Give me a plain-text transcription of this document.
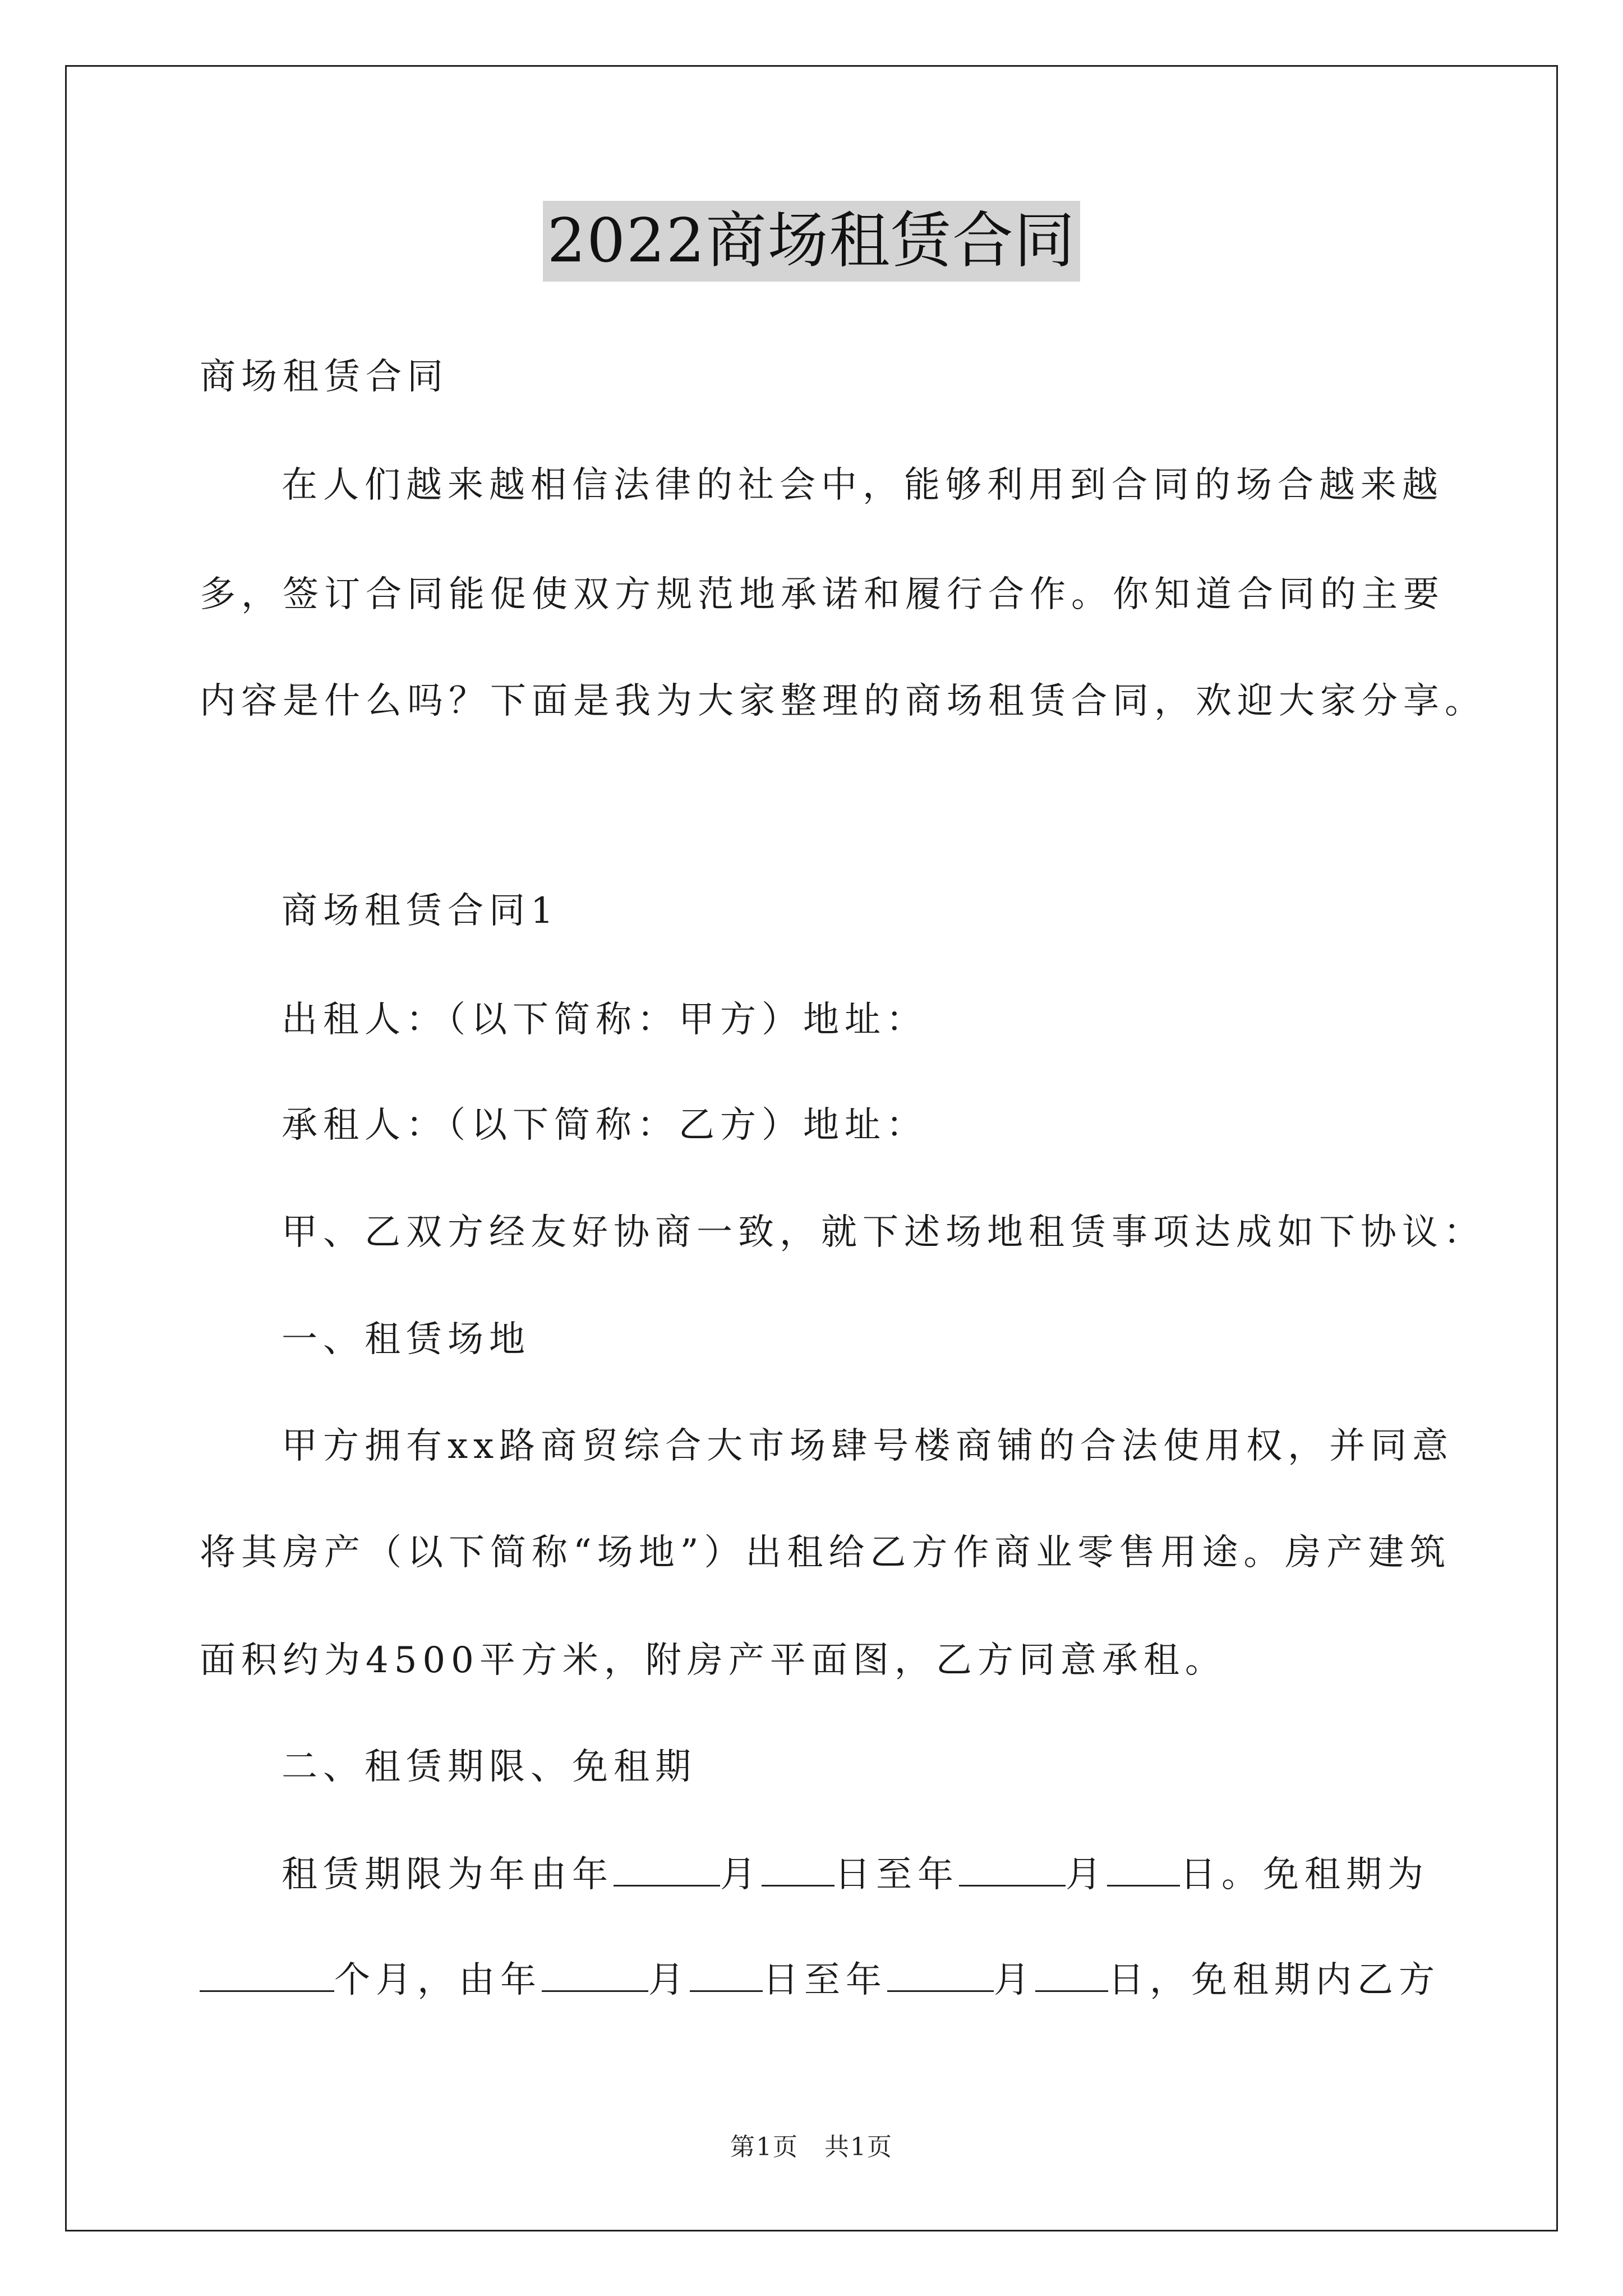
2022商场租赁合同
商场租赁合同
在人们越来越相信法律的社会中，能够利用到合同的场合越来越
多，签订合同能促使双方规范地承诺和履行合作。你知道合同的主要
内容是什么吗？下面是我为大家整理的商场租赁合同，欢迎大家分享。
商场租赁合同1
出租人：（以下简称：甲方）地址：
承租人：（以下简称：乙方）地址：
甲、乙双方经友好协商一致，就下述场地租赁事项达成如下协议：
一、租赁场地
甲方拥有xx路商贸综合大市场肆号楼商铺的合法使用权，并同意
将其房产（以下简称“场地”）出租给乙方作商业零售用途。房产建筑
面积约为4500平方米，附房产平面图，乙方同意承租。
二、租赁期限、免租期
租赁期限为年由年	月 日至年	月 日。免租期为
个月，由年	月 日至年	月 日，免租期内乙方
第1页　共1页
